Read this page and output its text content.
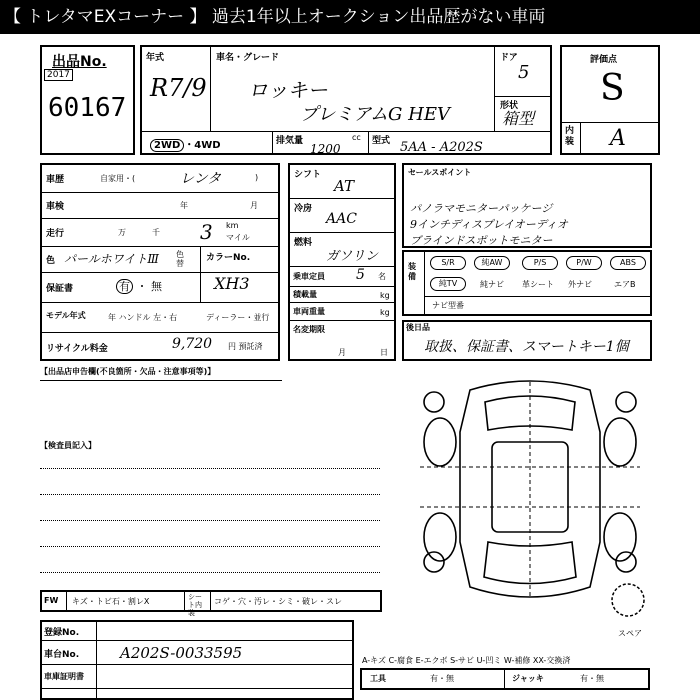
【 トレタマEXコーナー 】 過去1年以上オークション出品歴がない車両
出品No.
2017
60167
年式
R7/9
車名・グレード
ロッキー
プレミアムG HEV
ドア
5
形状
箱型
2WD ・4WD	排気量	cc
1200
型式 5AA - A202S
評価点
S
内装 A
車歴	自家用・(	レンタ	)
車検	年	月
走行	万	千 3 km
マイル
色 パールホワイトⅢ 色替
カラーNo.
XH3
保証書	有 ・ 無
モデル年式	年 ハンドル 左・右	ディーラー・並行
リサイクル料金	9,720 円 預託済
シフト
AT
冷房
AAC
燃料
ガソリン
乗車定員 5 名
積載量	kg
車両重量	kg
名変期限
月	日
セールスポイント
パノラマモニターパッケージ
9インチディスプレイオーディオ
ブラインドスポットモニター
装備
S/R	純AW	P/S	P/W	ABS
純TV	純ナビ 革シート 外ナビ	エアB
ナビ型番
後日品
取扱、保証書、スマートキー1個
【出品店申告欄(不良箇所・欠品・注意事項等)】
【検査員記入】
スペア
FW キズ・トビ石・割レX	シート内装
コゲ・穴・汚レ・シミ・破レ・スレ
登録No.
車台No.	A202S-0033595
車庫証明書
A-キズ C-腐食 E-エクボ S-サビ U-凹ミ W-補修 XX-交換済
工具	有・無	ジャッキ	有・無
